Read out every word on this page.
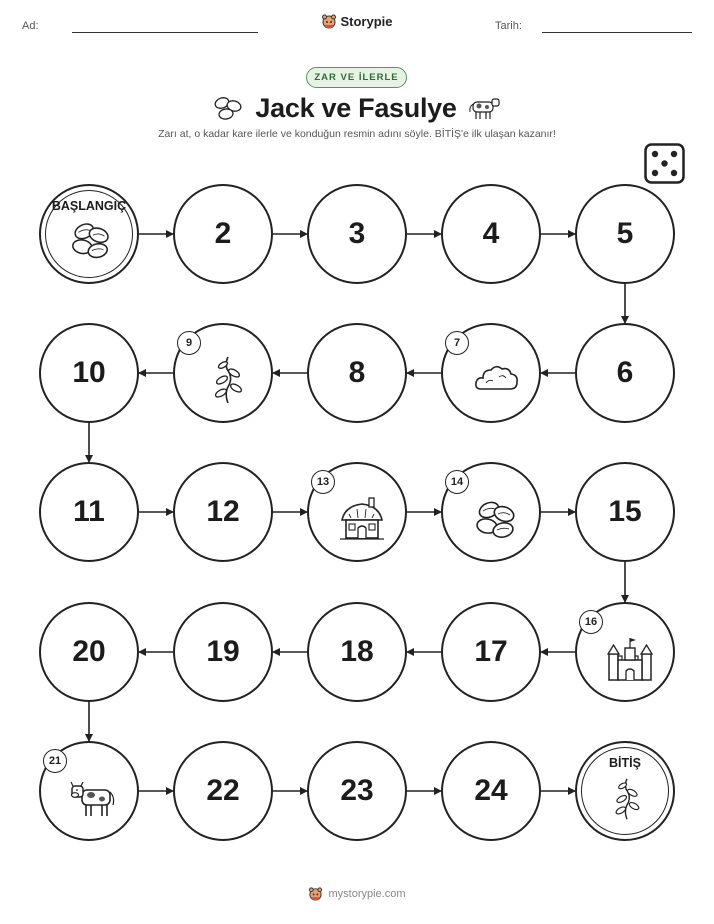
Ad:	Storypie	Tarih:
ZAR VE İLERLE
Jack ve Fasulye
Zarı at, o kadar kare ilerle ve konduğun resmin adını söyle. BİTİŞ'e ilk ulaşan kazanır!
BAŞLANGIÇ
2	3	4	5
6
7
8
9
10
11	12
13	14
15
16
17
18
19
20
21
22	23	24
BİTİŞ
mystorypie.com
